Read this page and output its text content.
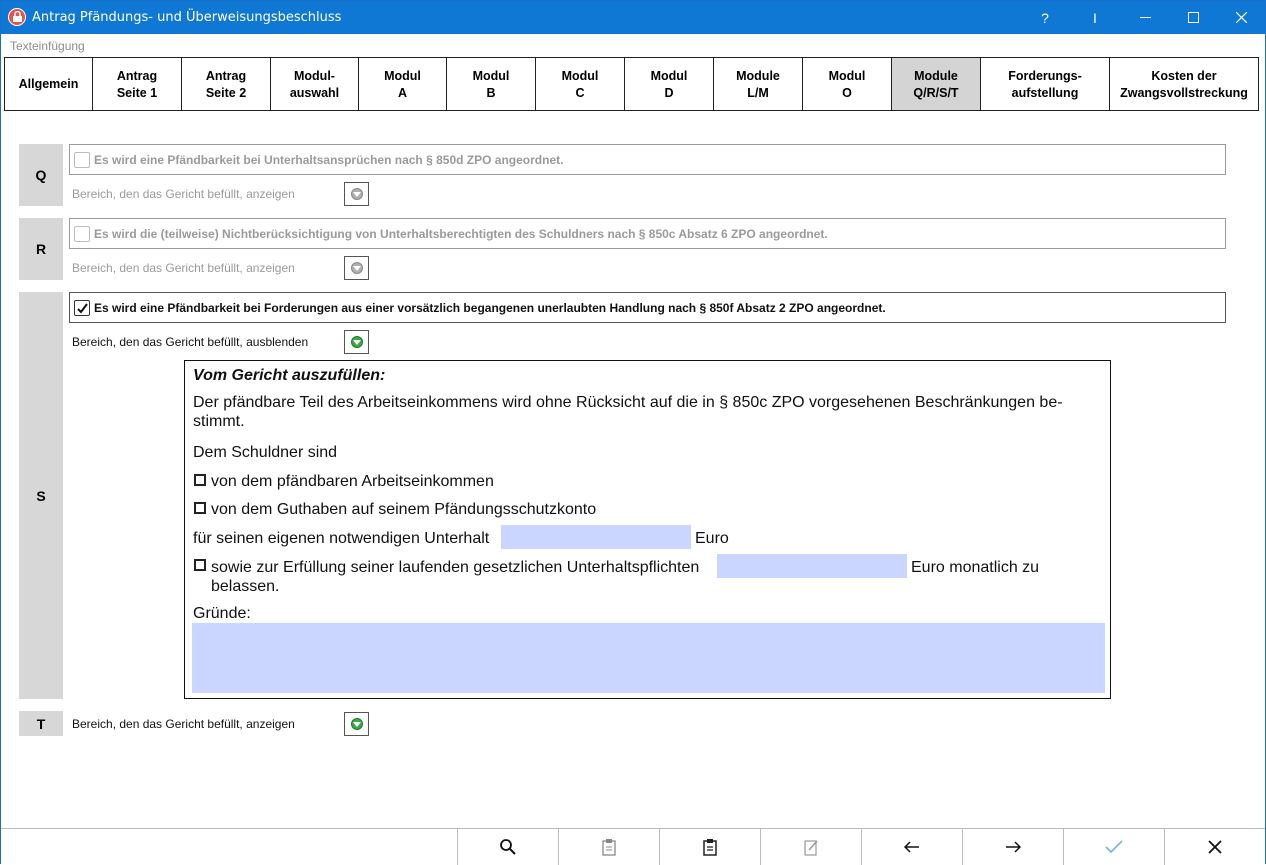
Antrag Pfändungs- und Überweisungsbeschluss	?	I
Texteinfügung
Allgemein
Antrag
Seite 1
Antrag
Seite 2
Modul-
auswahl
Modul
A
Modul
B
Modul
C
Modul
D
Module
L/M
Modul
O
Module
Q/R/S/T
Forderungs-
aufstellung
Kosten der
Zwangsvollstreckung
Q
Es wird eine Pfändbarkeit bei Unterhaltsansprüchen nach § 850d ZPO angeordnet.
Bereich, den das Gericht befüllt, anzeigen
R
Es wird die (teilweise) Nichtberücksichtigung von Unterhaltsberechtigten des Schuldners nach § 850c Absatz 6 ZPO angeordnet.
Bereich, den das Gericht befüllt, anzeigen
S
Es wird eine Pfändbarkeit bei Forderungen aus einer vorsätzlich begangenen unerlaubten Handlung nach § 850f Absatz 2 ZPO angeordnet.
Bereich, den das Gericht befüllt, ausblenden
Vom Gericht auszufüllen:
Der pfändbare Teil des Arbeitseinkommens wird ohne Rücksicht auf die in § 850c ZPO vorgesehenen Beschränkungen be-stimmt.
Dem Schuldner sind
von dem pfändbaren Arbeitseinkommen
von dem Guthaben auf seinem Pfändungsschutzkonto
für seinen eigenen notwendigen Unterhalt	Euro
sowie zur Erfüllung seiner laufenden gesetzlichen Unterhaltspflichten	Euro monatlich zu
belassen.
Gründe:
T	Bereich, den das Gericht befüllt, anzeigen
